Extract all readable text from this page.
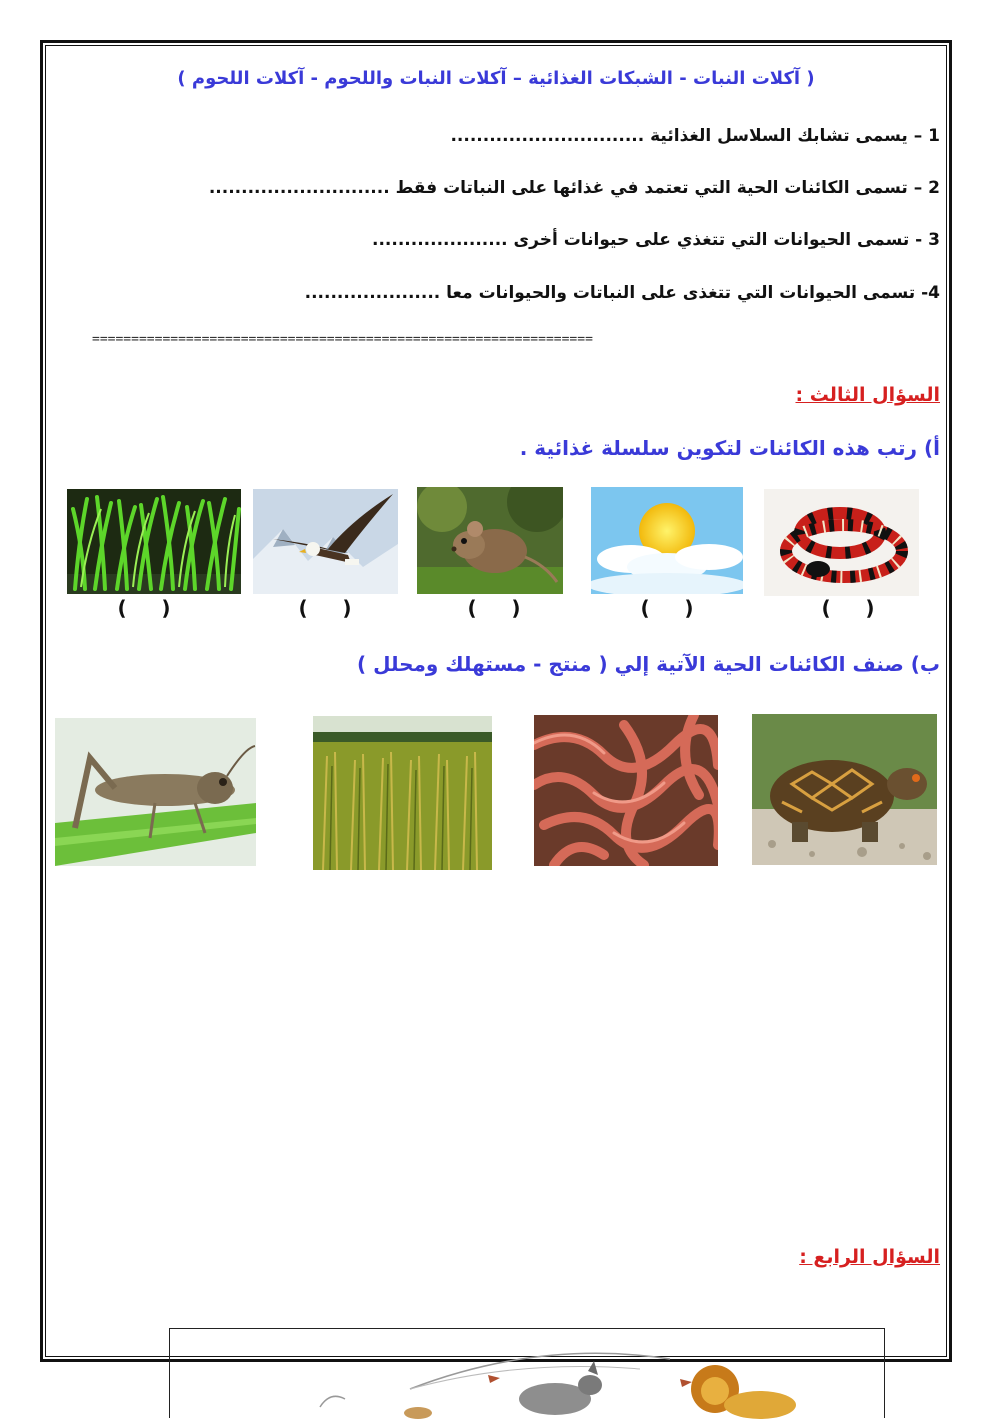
( آكلات النبات - الشبكات الغذائية – آكلات النبات واللحوم - آكلات اللحوم )
1 – يسمى تشابك السلاسل الغذائية ..............................
2 – تسمى الكائنات الحية التي تعتمد في غذائها على النباتات فقط ............................
3 - تسمى الحيوانات التي تتغذي على حيوانات أخرى .....................
4- تسمى الحيوانات التي تتغذى على النباتات والحيوانات معا .....................
================================================================
السؤال الثالث :
أ) رتب هذه الكائنات لتكوين سلسلة غذائية .
(     )	(     )	(     )	(     )	(     )
ب) صنف الكائنات الحية الآتية إلي ( منتج - مستهلك ومحلل )
السؤال الرابع :
